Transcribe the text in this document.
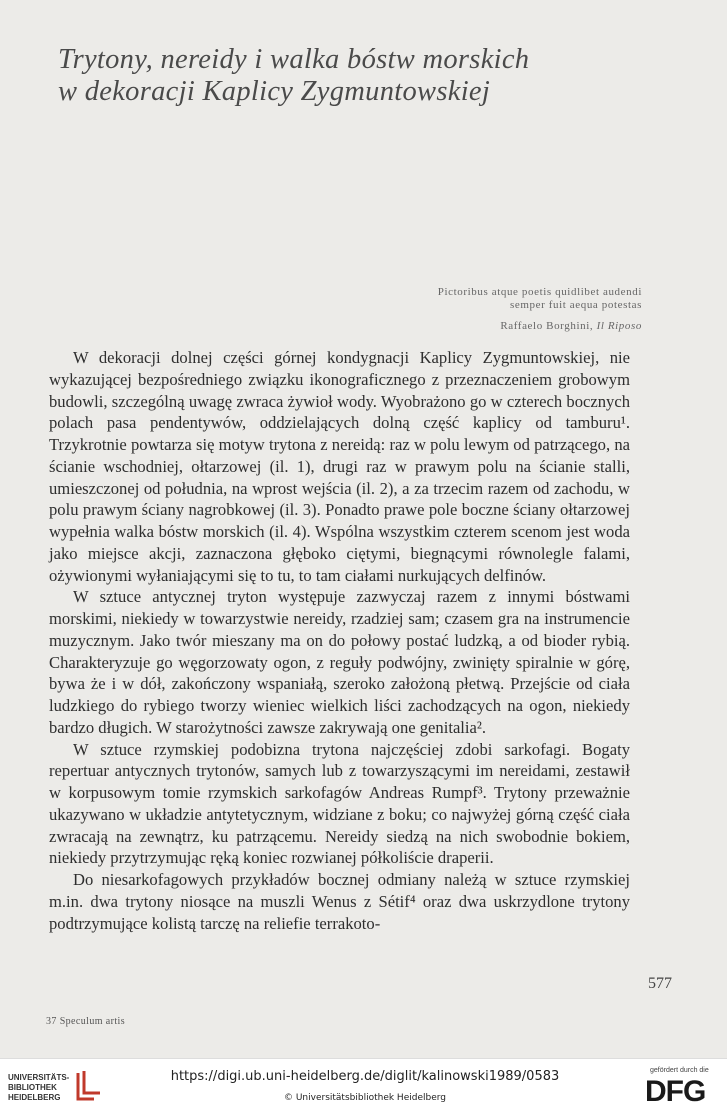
Trytony, nereidy i walka bóstw morskich
w dekoracji Kaplicy Zygmuntowskiej
Pictoribus atque poetis quidlibet audendi
semper fuit aequa potestas
Raffaelo Borghini, Il Riposo

W dekoracji dolnej części górnej kondygnacji Kaplicy Zygmuntowskiej, nie wykazującej bezpośredniego związku ikonograficznego z przeznaczeniem grobowym budowli, szczególną uwagę zwraca żywioł wody. Wyobrażono go w czterech bocznych polach pasa pendentywów, oddzielających dolną część kaplicy od tamburu¹. Trzykrotnie powtarza się motyw trytona z nereidą: raz w polu lewym od patrzącego, na ścianie wschodniej, ołtarzowej (il. 1), drugi raz w prawym polu na ścianie stalli, umieszczonej od południa, na wprost wejścia (il. 2), a za trzecim razem od zachodu, w polu prawym ściany nagrobkowej (il. 3). Ponadto prawe pole boczne ściany ołtarzowej wypełnia walka bóstw morskich (il. 4). Wspólna wszystkim czterem scenom jest woda jako miejsce akcji, zaznaczona głęboko ciętymi, biegnącymi równolegle falami, ożywionymi wyłaniającymi się to tu, to tam ciałami nurkujących delfinów.

W sztuce antycznej tryton występuje zazwyczaj razem z innymi bóstwami morskimi, niekiedy w towarzystwie nereidy, rzadziej sam; czasem gra na instrumencie muzycznym. Jako twór mieszany ma on do połowy postać ludzką, a od bioder rybią. Charakteryzuje go węgorzowaty ogon, z reguły podwójny, zwinięty spiralnie w górę, bywa że i w dół, zakończony wspaniałą, szeroko założoną płetwą. Przejście od ciała ludzkiego do rybiego tworzy wieniec wielkich liści zachodzących na ogon, niekiedy bardzo długich. W starożytności zawsze zakrywają one genitalia².

W sztuce rzymskiej podobizna trytona najczęściej zdobi sarkofagi. Bogaty repertuar antycznych trytonów, samych lub z towarzyszącymi im nereidami, zestawił w korpusowym tomie rzymskich sarkofagów Andreas Rumpf³. Trytony przeważnie ukazywano w układzie antytetycznym, widziane z boku; co najwyżej górną część ciała zwracają na zewnątrz, ku patrzącemu. Nereidy siedzą na nich swobodnie bokiem, niekiedy przytrzymując ręką koniec rozwianej półkoliście draperii.

Do niesarkofagowych przykładów bocznej odmiany należą w sztuce rzymskiej m.in. dwa trytony niosące na muszli Wenus z Sétif⁴ oraz dwa uskrzydlone trytony podtrzymujące kolistą tarczę na reliefie terrakoto-

577
37 Speculum artis
UNIVERSITÄTS-
BIBLIOTHEK
HEIDELBERG
https://digi.ub.uni-heidelberg.de/diglit/kalinowski1989/0583
© Universitätsbibliothek Heidelberg
gefördert durch die
DFG
